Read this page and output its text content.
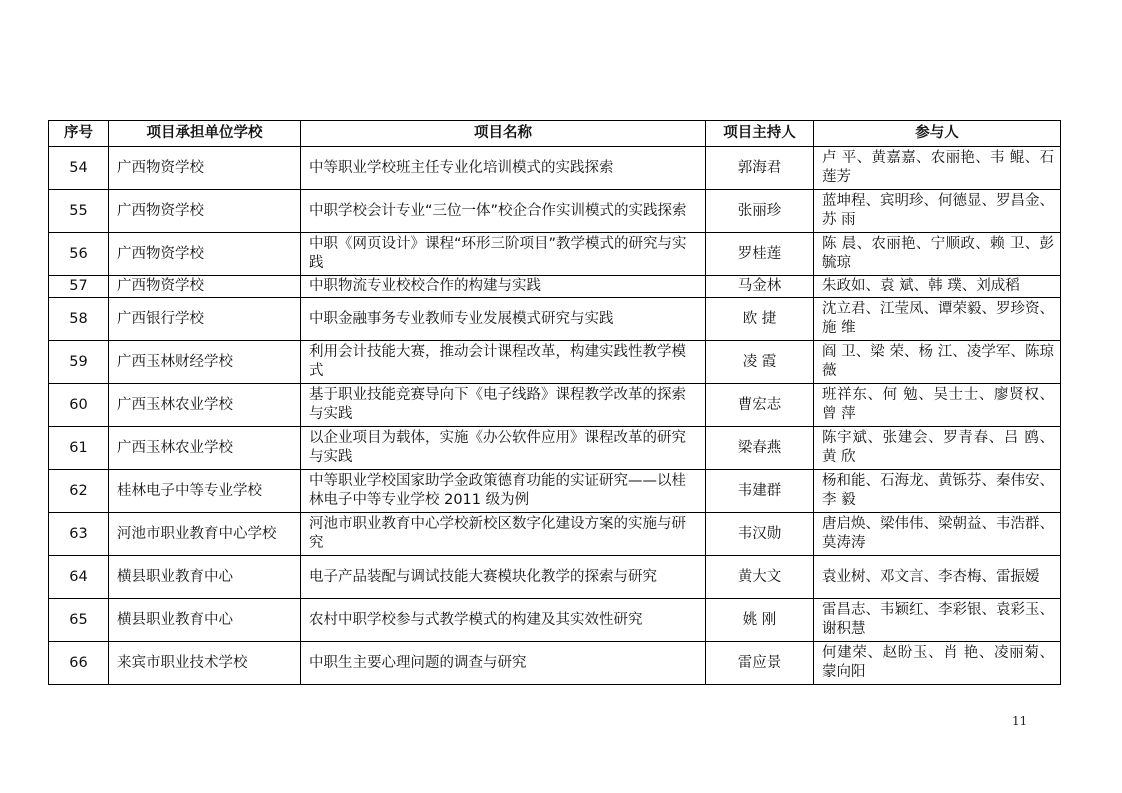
序号	项目承担单位学校	项目名称	项目主持人	参与人
54	广西物资学校	中等职业学校班主任专业化培训模式的实践探索	郭海君	卢 平、黄嘉嘉、农丽艳、韦 鲲、石莲芳
55	广西物资学校	中职学校会计专业“三位一体”校企合作实训模式的实践探索	张丽珍	蓝坤程、宾明珍、何德显、罗昌金、苏 雨
56	广西物资学校	中职《网页设计》课程“环形三阶项目”教学模式的研究与实践	罗桂莲	陈 晨、农丽艳、宁顺政、赖 卫、彭毓琼
57	广西物资学校	中职物流专业校校合作的构建与实践	马金林	朱政如、袁 斌、韩 璞、刘成稻
58	广西银行学校	中职金融事务专业教师专业发展模式研究与实践	欧 捷	沈立君、江莹凤、谭荣毅、罗珍资、施 维
59	广西玉林财经学校	利用会计技能大赛，推动会计课程改革，构建实践性教学模式	凌 霞	阎 卫、梁 荣、杨 江、凌学军、陈琼薇
60	广西玉林农业学校	基于职业技能竞赛导向下《电子线路》课程教学改革的探索与实践	曹宏志	班祥东、何 勉、吴士士、廖贤权、曾 萍
61	广西玉林农业学校	以企业项目为载体，实施《办公软件应用》课程改革的研究与实践	梁春燕	陈宇斌、张建会、罗青春、吕 鸥、黄 欣
62	桂林电子中等专业学校	中等职业学校国家助学金政策德育功能的实证研究——以桂林电子中等专业学校 2011 级为例	韦建群	杨和能、石海龙、黄铄芬、秦伟安、李 毅
63	河池市职业教育中心学校	河池市职业教育中心学校新校区数字化建设方案的实施与研究	韦汉勋	唐启焕、梁伟伟、梁朝益、韦浩群、莫涛涛
64	横县职业教育中心	电子产品装配与调试技能大赛模块化教学的探索与研究	黄大文	袁业树、邓文言、李杏梅、雷振嫒
65	横县职业教育中心	农村中职学校参与式教学模式的构建及其实效性研究	姚 刚	雷昌志、韦颖红、李彩银、袁彩玉、谢积慧
66	来宾市职业技术学校	中职生主要心理问题的调查与研究	雷应景	何建荣、赵盼玉、肖 艳、凌丽菊、蒙向阳
11
